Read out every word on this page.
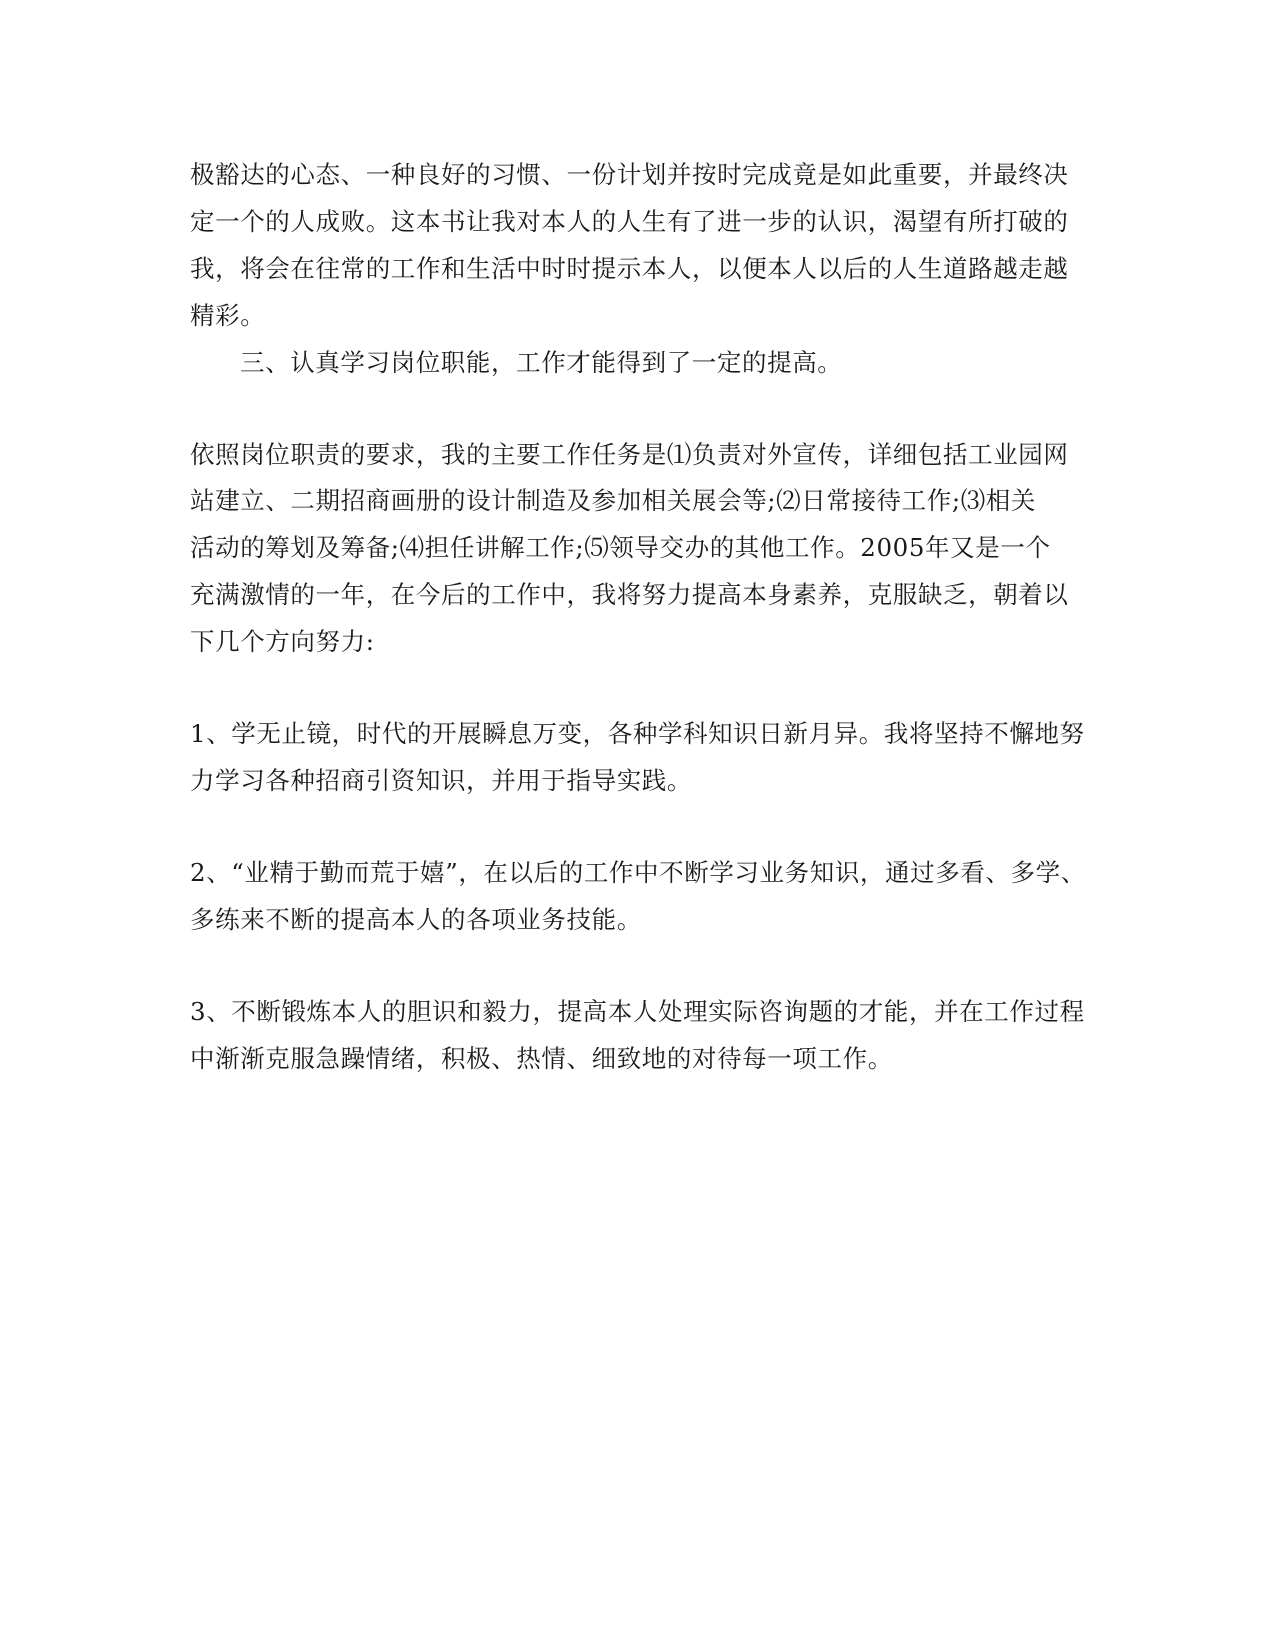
极豁达的心态、一种良好的习惯、一份计划并按时完成竟是如此重要，并最终决
定一个的人成败。这本书让我对本人的人生有了进一步的认识，渴望有所打破的
我，将会在往常的工作和生活中时时提示本人，以便本人以后的人生道路越走越
精彩。
三、认真学习岗位职能，工作才能得到了一定的提高。
依照岗位职责的要求，我的主要工作任务是⑴负责对外宣传，详细包括工业园网
站建立、二期招商画册的设计制造及参加相关展会等;⑵日常接待工作;⑶相关
活动的筹划及筹备;⑷担任讲解工作;⑸领导交办的其他工作。2005年又是一个
充满激情的一年，在今后的工作中，我将努力提高本身素养，克服缺乏，朝着以
下几个方向努力:
1、学无止镜，时代的开展瞬息万变，各种学科知识日新月异。我将坚持不懈地努
力学习各种招商引资知识，并用于指导实践。
2、“业精于勤而荒于嬉”，在以后的工作中不断学习业务知识，通过多看、多学、
多练来不断的提高本人的各项业务技能。
3、不断锻炼本人的胆识和毅力，提高本人处理实际咨询题的才能，并在工作过程
中渐渐克服急躁情绪，积极、热情、细致地的对待每一项工作。
